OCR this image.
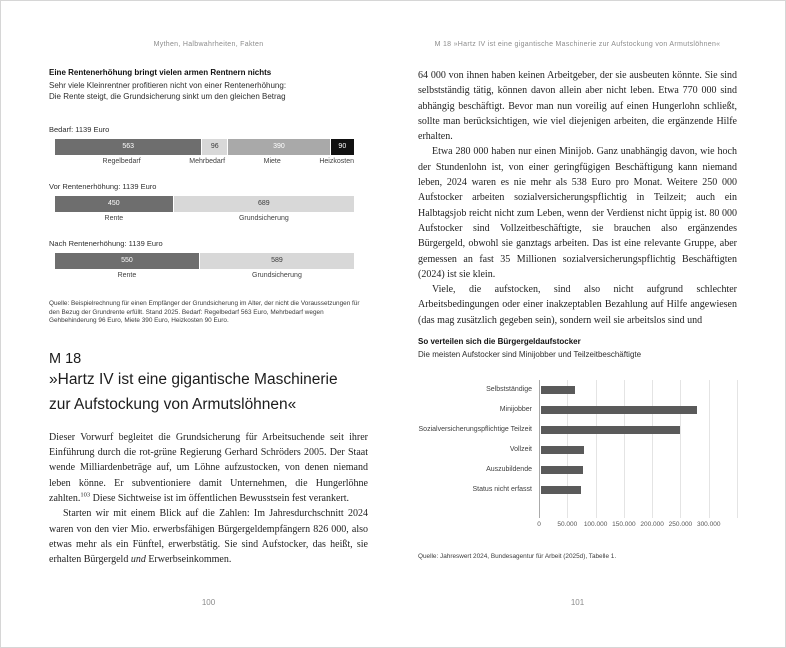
Mythen, Halbwahrheiten, Fakten
Eine Rentenerhöhung bringt vielen armen Rentnern nichts
Sehr viele Kleinrentner profitieren nicht von einer Rentenerhöhung:
Die Rente steigt, die Grundsicherung sinkt um den gleichen Betrag
Bedarf: 1139 Euro
563	96	390	90
Regelbedarf	Mehrbedarf	Miete	Heizkosten
Vor Rentenerhöhung: 1139 Euro
450	689
Rente	Grundsicherung
Nach Rentenerhöhung: 1139 Euro
550	589
Rente	Grundsicherung
Quelle: Beispielrechnung für einen Empfänger der Grundsicherung im Alter, der nicht die Voraussetzungen für den Bezug der Grundrente erfüllt. Stand 2025. Bedarf: Regelbedarf 563 Euro, Mehrbedarf wegen Gehbehinderung 96 Euro, Miete 390 Euro, Heizkosten 90 Euro.
M 18
»Hartz IV ist eine gigantische Maschinerie
zur Aufstockung von Armutslöhnen«

Dieser Vorwurf begleitet die Grundsicherung für Arbeitsuchende seit ihrer Einführung durch die rot-grüne Regierung Gerhard Schröders 2005. Der Staat wende Milliardenbeträge auf, um Löhne aufzustocken, von denen niemand leben könne. Er subventioniere damit Unternehmen, die Hungerlöhne zahlten.$^{103}$ Diese Sichtweise ist im öffentlichen Bewusstsein fest verankert.

Starten wir mit einem Blick auf die Zahlen: Im Jahresdurchschnitt 2024 waren von den vier Mio. erwerbsfähigen Bürgergeldempfängern 826 000, also etwas mehr als ein Fünftel, erwerbstätig. Sie sind Aufstocker, das heißt, sie erhalten Bürgergeld und Erwerbseinkommen.

100
M 18 »Hartz IV ist eine gigantische Maschinerie zur Aufstockung von Armutslöhnen«

64 000 von ihnen haben keinen Arbeitgeber, der sie ausbeuten könnte. Sie sind selbstständig tätig, können davon allein aber nicht leben. Etwa 770 000 sind abhängig beschäftigt. Bevor man nun voreilig auf einen Hungerlohn schließt, sollte man berücksichtigen, wie viel diejenigen arbeiten, die ergänzende Hilfe erhalten.

Etwa 280 000 haben nur einen Minijob. Ganz unabhängig davon, wie hoch der Stundenlohn ist, von einer geringfügigen Beschäftigung kann niemand leben, 2024 waren es nie mehr als 538 Euro pro Monat. Weitere 250 000 Aufstocker arbeiten sozialversicherungspflichtig in Teilzeit; auch ein Halbtagsjob reicht nicht zum Leben, wenn der Verdienst nicht üppig ist. 80 000 Aufstocker sind Vollzeitbeschäftigte, sie brauchen also ergänzendes Bürgergeld, obwohl sie ganztags arbeiten. Das ist eine relevante Gruppe, aber gemessen an fast 35 Millionen sozialversicherungspflichtig Beschäftigten (2024) ist sie klein.

Viele, die aufstocken, sind also nicht aufgrund schlechter Arbeitsbedingungen oder einer inakzeptablen Bezahlung auf Hilfe angewiesen (das mag zusätzlich gegeben sein), sondern weil sie arbeitslos sind und

So verteilen sich die Bürgergeldaufstocker
Die meisten Aufstocker sind Minijobber und Teilzeitbeschäftigte
0	50.000 100.000 150.000 200.000 250.000 300.000
Selbstständige
Minijobber
Sozialversicherungspflichtige Teilzeit
Vollzeit
Auszubildende
Status nicht erfasst
Quelle: Jahreswert 2024, Bundesagentur für Arbeit (2025d), Tabelle 1.
101
